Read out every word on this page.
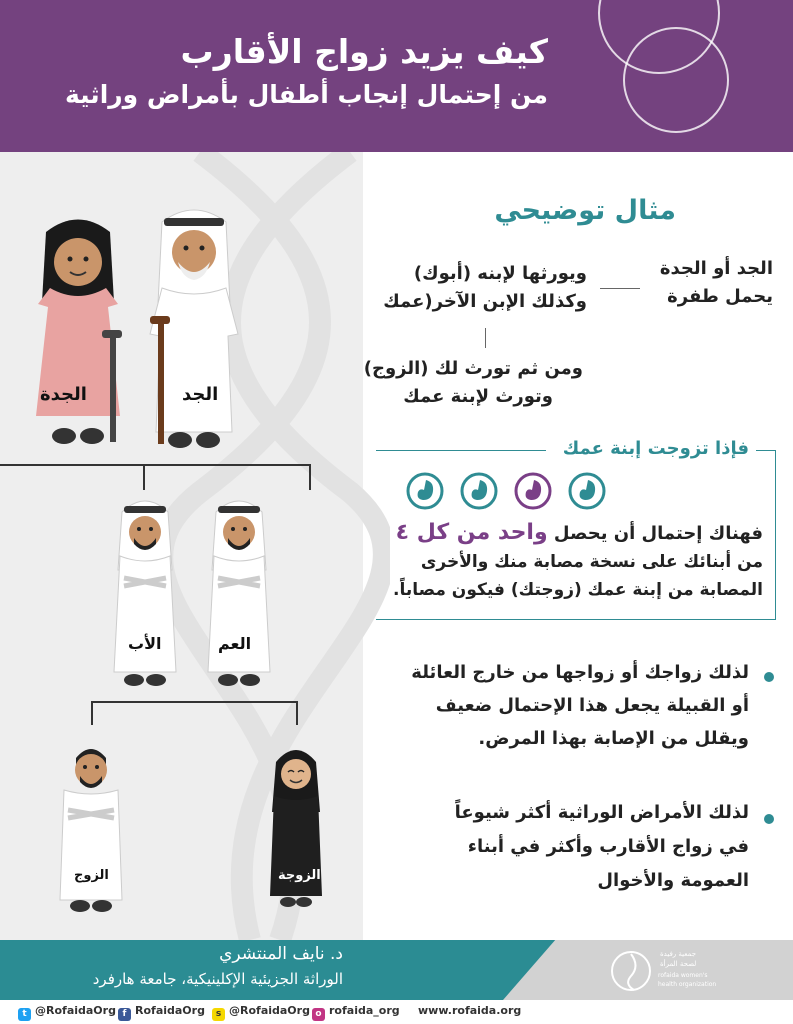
كيف يزيد زواج الأقارب
من إحتمال إنجاب أطفال بأمراض وراثية
الجدة	الجد
الأب	العم
الزوج	الزوجة
مثال توضيحي
الجد أو الجدة
يحمل طفرة
ويورثها لإبنه (أبوك)
وكذلك الإبن الآخر(عمك
ومن ثم تورث لك (الزوج)
وتورث لإبنة عمك
فإذا تزوجت إبنة عمك
فهناك إحتمال أن يحصل واحد من كل ٤
من أبنائك على نسخة مصابة منك والأخرى
المصابة من إبنة عمك (زوجتك) فيكون مصاباً.
لذلك زواجك أو زواجها من خارج العائلة
أو القبيلة يجعل هذا الإحتمال ضعيف
ويقلل من الإصابة بهذا المرض.
لذلك الأمراض الوراثية أكثر شيوعاً
في زواج الأقارب وأكثر في أبناء
العمومة والأخوال
د. نايف المنتشري
الوراثة الجزيئية الإكلينيكية، جامعة هارفرد
جمعية رفيدة
لصحة المرأة
rofaida women's
health organization
t @RofaidaOrg f RofaidaOrg	s @RofaidaOrg o rofaida_org www.rofaida.org
